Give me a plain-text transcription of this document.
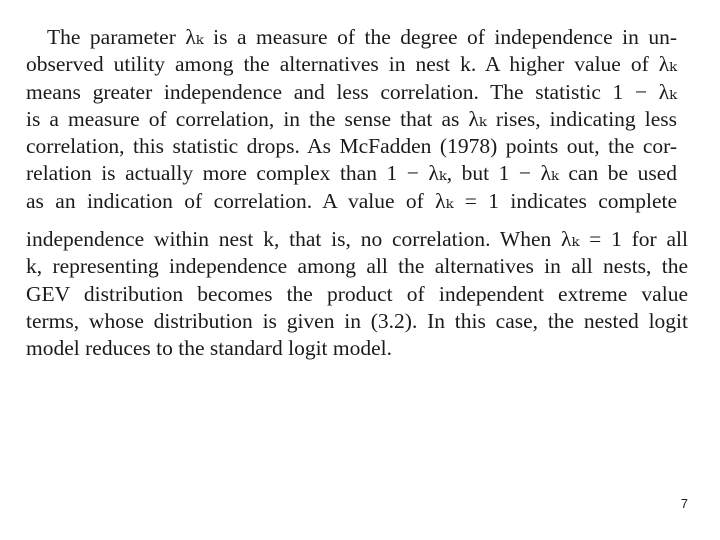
The parameter λₖ is a measure of the degree of independence in un-
observed utility among the alternatives in nest k. A higher value of λₖ
means greater independence and less correlation. The statistic 1 − λₖ
is a measure of correlation, in the sense that as λₖ rises, indicating less
correlation, this statistic drops. As McFadden (1978) points out, the cor-
relation is actually more complex than 1 − λₖ, but 1 − λₖ can be used
as an indication of correlation. A value of λₖ = 1 indicates complete
independence within nest k, that is, no correlation. When λₖ = 1 for all
k, representing independence among all the alternatives in all nests, the
GEV distribution becomes the product of independent extreme value
terms, whose distribution is given in (3.2). In this case, the nested logit
model reduces to the standard logit model.
7
